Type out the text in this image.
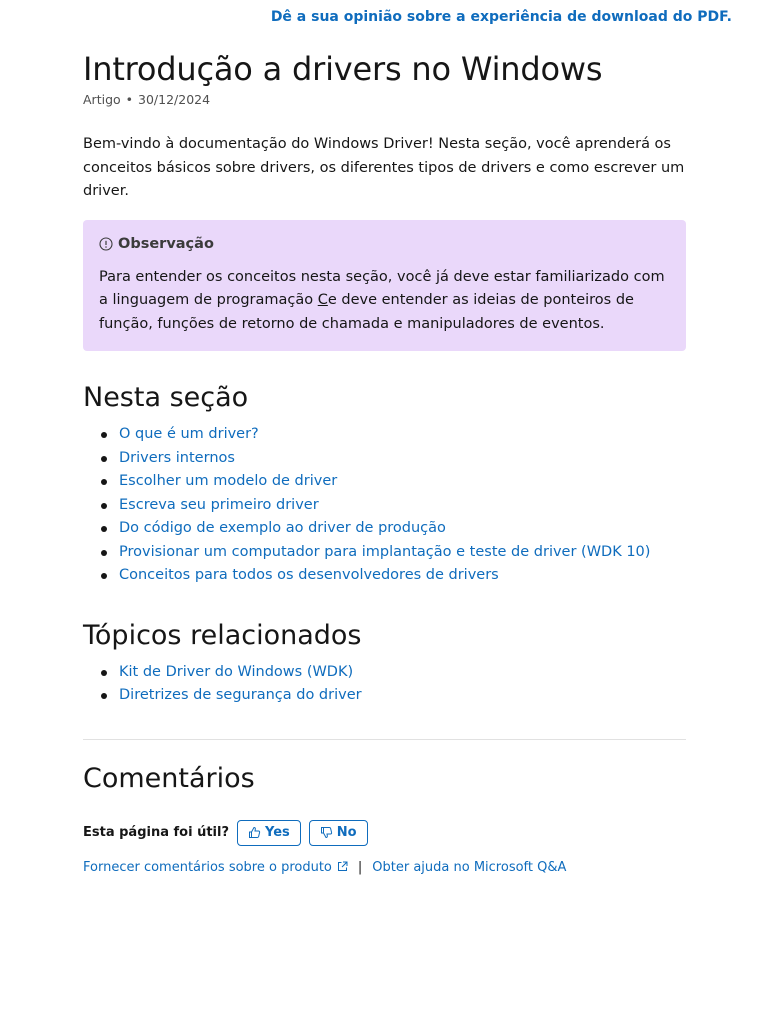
Dê a sua opinião sobre a experiência de download do PDF.
Introdução a drivers no Windows
Artigo • 30/12/2024

Bem-vindo à documentação do Windows Driver! Nesta seção, você aprenderá os conceitos básicos sobre drivers, os diferentes tipos de drivers e como escrever um driver.

Observação
Para entender os conceitos nesta seção, você já deve estar familiarizado com a linguagem de programação Ce deve entender as ideias de ponteiros de função, funções de retorno de chamada e manipuladores de eventos.
Nesta seção
O que é um driver?
Drivers internos
Escolher um modelo de driver
Escreva seu primeiro driver
Do código de exemplo ao driver de produção
Provisionar um computador para implantação e teste de driver (WDK 10)
Conceitos para todos os desenvolvedores de drivers
Tópicos relacionados
Kit de Driver do Windows (WDK)
Diretrizes de segurança do driver
Comentários
Esta página foi útil?	Yes	No
Fornecer comentários sobre o produto	| Obter ajuda no Microsoft Q&A
